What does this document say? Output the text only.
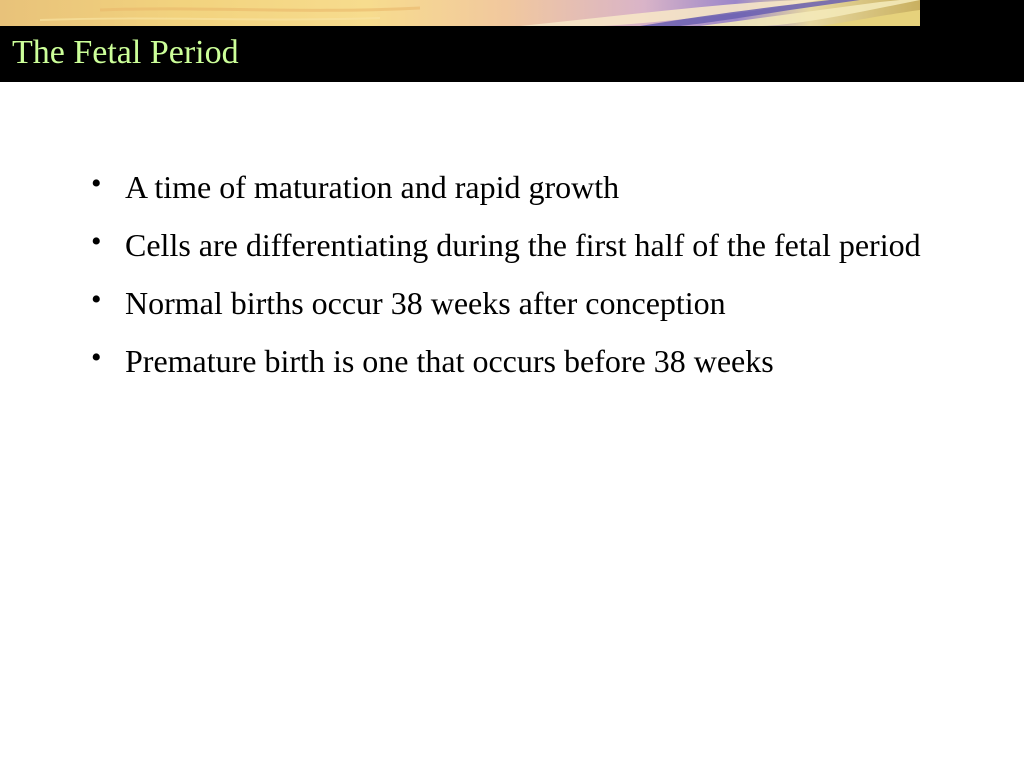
The Fetal Period
• A time of maturation and rapid growth
• Cells are differentiating during the first half of the fetal period
• Normal births occur 38 weeks after conception
• Premature birth is one that occurs before 38 weeks
